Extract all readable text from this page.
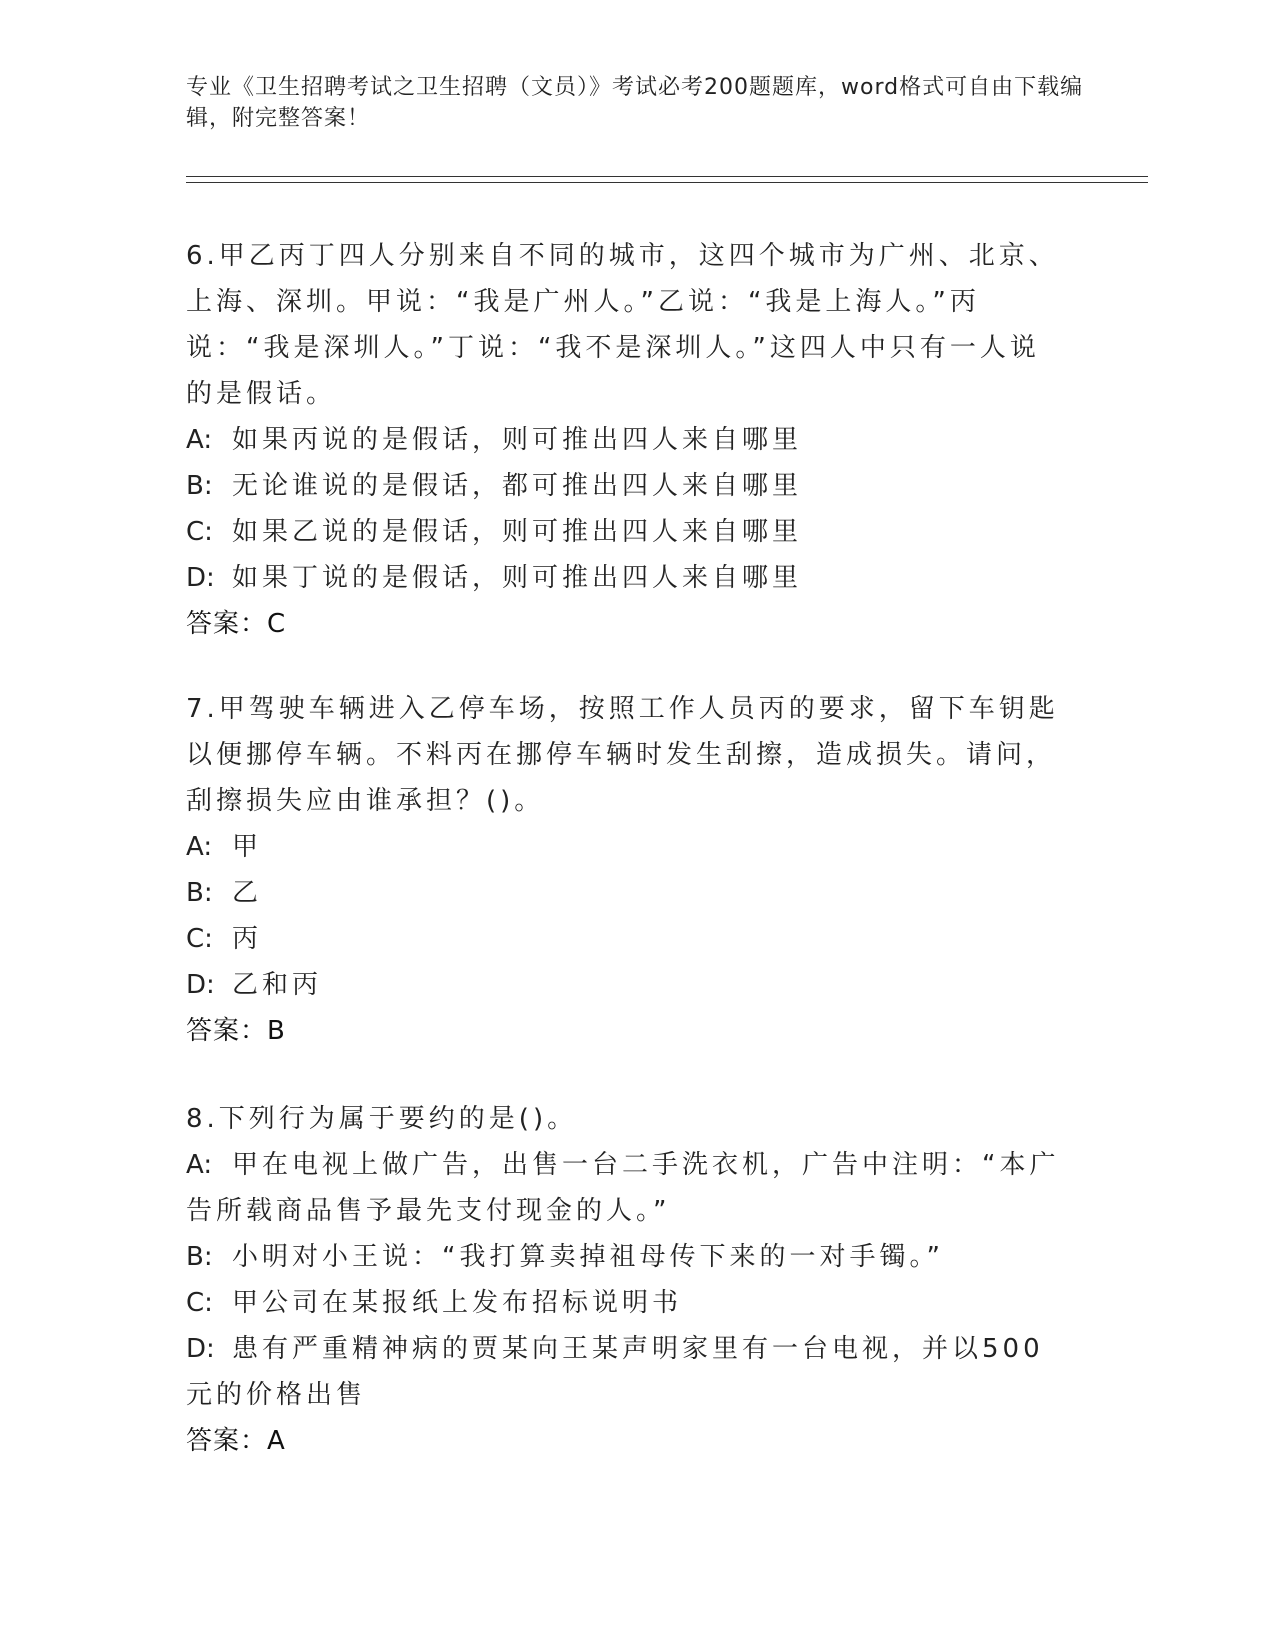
专业《卫生招聘考试之卫生招聘（文员）》考试必考200题题库，word格式可自由下载编辑，附完整答案！
6.甲乙丙丁四人分别来自不同的城市，这四个城市为广州、北京、上海、深圳。甲说：“我是广州人。”乙说：“我是上海人。”丙说：“我是深圳人。”丁说：“我不是深圳人。”这四人中只有一人说的是假话。
A: 如果丙说的是假话，则可推出四人来自哪里
B: 无论谁说的是假话，都可推出四人来自哪里
C: 如果乙说的是假话，则可推出四人来自哪里
D: 如果丁说的是假话，则可推出四人来自哪里
答案：C
7.甲驾驶车辆进入乙停车场，按照工作人员丙的要求，留下车钥匙以便挪停车辆。不料丙在挪停车辆时发生刮擦，造成损失。请问，刮擦损失应由谁承担？()。
A: 甲
B: 乙
C: 丙
D: 乙和丙
答案：B
8.下列行为属于要约的是()。
A: 甲在电视上做广告，出售一台二手洗衣机，广告中注明：“本广告所载商品售予最先支付现金的人。”
B: 小明对小王说：“我打算卖掉祖母传下来的一对手镯。”
C: 甲公司在某报纸上发布招标说明书
D: 患有严重精神病的贾某向王某声明家里有一台电视，并以500元的价格出售
答案：A
